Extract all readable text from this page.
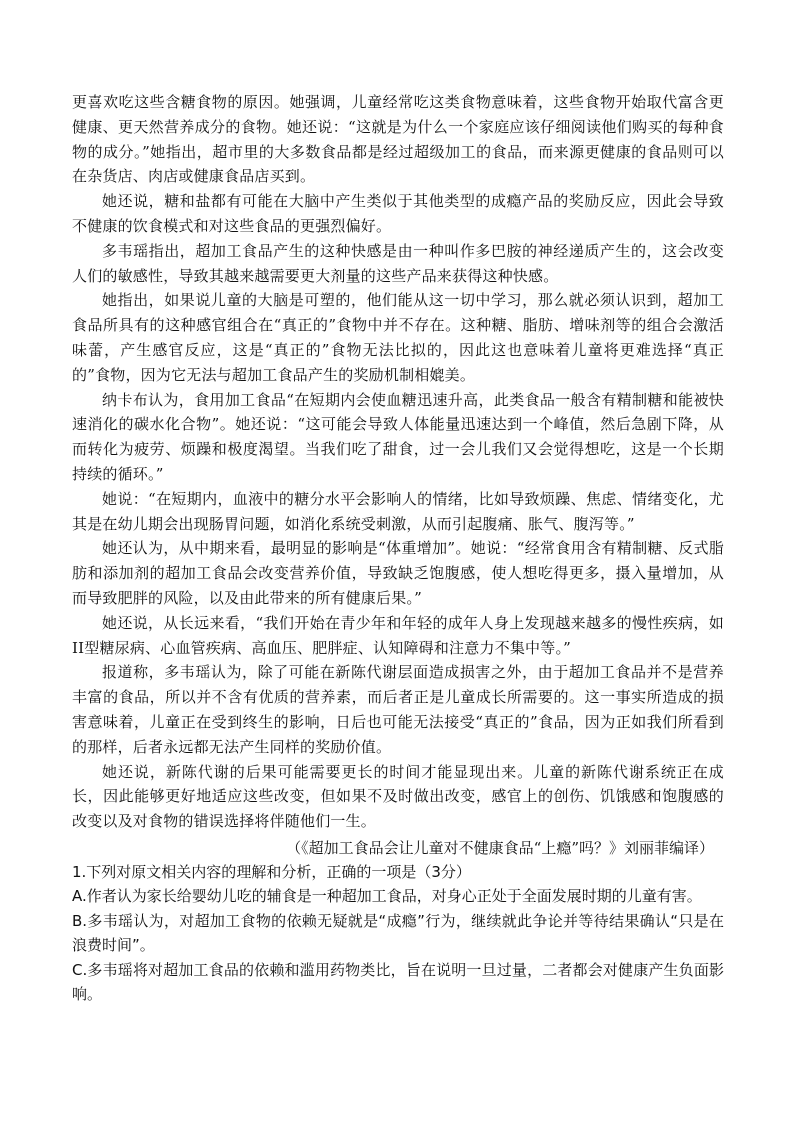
更喜欢吃这些含糖食物的原因。她强调，儿童经常吃这类食物意味着，这些食物开始取代富含更健康、更天然营养成分的食物。她还说：“这就是为什么一个家庭应该仔细阅读他们购买的每种食物的成分。”她指出，超市里的大多数食品都是经过超级加工的食品，而来源更健康的食品则可以在杂货店、肉店或健康食品店买到。

她还说，糖和盐都有可能在大脑中产生类似于其他类型的成瘾产品的奖励反应，因此会导致不健康的饮食模式和对这些食品的更强烈偏好。

多韦瑶指出，超加工食品产生的这种快感是由一种叫作多巴胺的神经递质产生的，这会改变人们的敏感性，导致其越来越需要更大剂量的这些产品来获得这种快感。

她指出，如果说儿童的大脑是可塑的，他们能从这一切中学习，那么就必须认识到，超加工食品所具有的这种感官组合在“真正的”食物中并不存在。这种糖、脂肪、增味剂等的组合会激活味蕾，产生感官反应，这是“真正的”食物无法比拟的，因此这也意味着儿童将更难选择“真正的”食物，因为它无法与超加工食品产生的奖励机制相媲美。

纳卡布认为，食用加工食品“在短期内会使血糖迅速升高，此类食品一般含有精制糖和能被快速消化的碳水化合物”。她还说：“这可能会导致人体能量迅速达到一个峰值，然后急剧下降，从而转化为疲劳、烦躁和极度渴望。当我们吃了甜食，过一会儿我们又会觉得想吃，这是一个长期持续的循环。”

她说：“在短期内，血液中的糖分水平会影响人的情绪，比如导致烦躁、焦虑、情绪变化，尤其是在幼儿期会出现肠胃问题，如消化系统受刺激，从而引起腹痛、胀气、腹泻等。”

她还认为，从中期来看，最明显的影响是“体重增加”。她说：“经常食用含有精制糖、反式脂肪和添加剂的超加工食品会改变营养价值，导致缺乏饱腹感，使人想吃得更多，摄入量增加，从而导致肥胖的风险，以及由此带来的所有健康后果。”

她还说，从长远来看，“我们开始在青少年和年轻的成年人身上发现越来越多的慢性疾病，如II型糖尿病、心血管疾病、高血压、肥胖症、认知障碍和注意力不集中等。”

报道称，多韦瑶认为，除了可能在新陈代谢层面造成损害之外，由于超加工食品并不是营养丰富的食品，所以并不含有优质的营养素，而后者正是儿童成长所需要的。这一事实所造成的损害意味着，儿童正在受到终生的影响，日后也可能无法接受“真正的”食品，因为正如我们所看到的那样，后者永远都无法产生同样的奖励价值。

她还说，新陈代谢的后果可能需要更长的时间才能显现出来。儿童的新陈代谢系统正在成长，因此能够更好地适应这些改变，但如果不及时做出改变，感官上的创伤、饥饿感和饱腹感的改变以及对食物的错误选择将伴随他们一生。

（《超加工食品会让儿童对不健康食品“上瘾”吗？》刘丽菲编译）

1.下列对原文相关内容的理解和分析，正确的一项是（3分）

A.作者认为家长给婴幼儿吃的辅食是一种超加工食品，对身心正处于全面发展时期的儿童有害。

B.多韦瑶认为，对超加工食物的依赖无疑就是“成瘾”行为，继续就此争论并等待结果确认“只是在浪费时间”。

C.多韦瑶将对超加工食品的依赖和滥用药物类比，旨在说明一旦过量，二者都会对健康产生负面影响。
